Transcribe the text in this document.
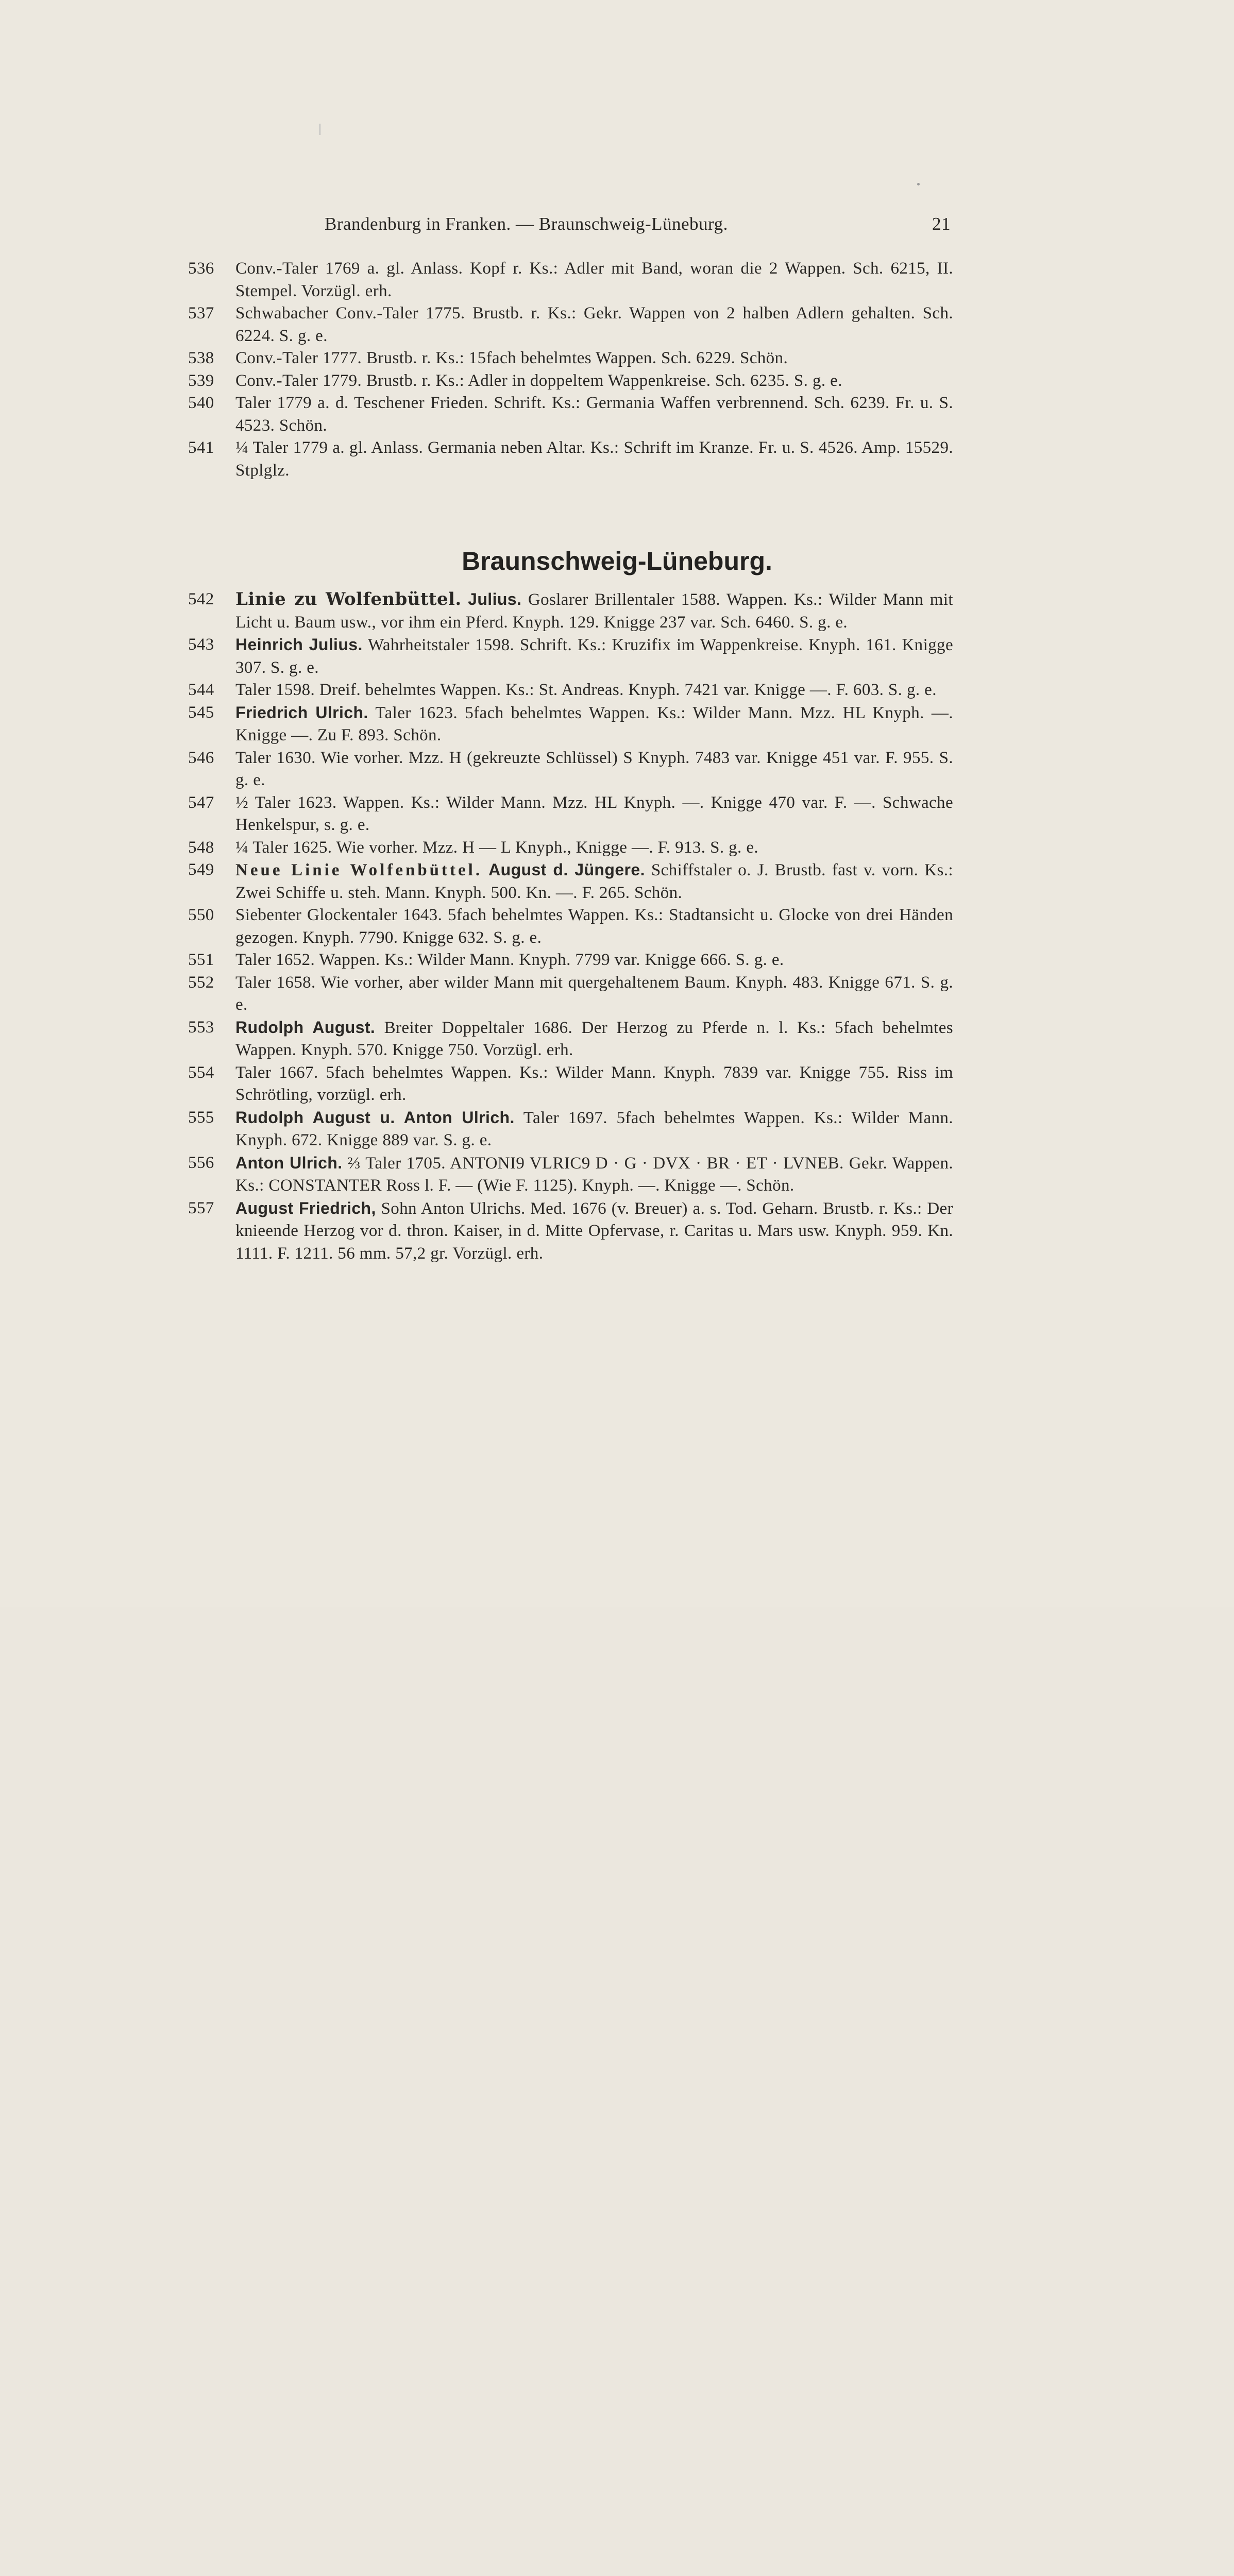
Brandenburg in Franken. — Braunschweig-Lüneburg.	21
536 Conv.-Taler 1769 a. gl. Anlass. Kopf r. Ks.: Adler mit Band, woran die 2 Wappen. Sch. 6215, II. Stempel. Vorzügl. erh.
537 Schwabacher Conv.-Taler 1775. Brustb. r. Ks.: Gekr. Wappen von 2 halben Adlern gehalten. Sch. 6224. S. g. e.
538 Conv.-Taler 1777. Brustb. r. Ks.: 15fach behelmtes Wappen. Sch. 6229. Schön.
539 Conv.-Taler 1779. Brustb. r. Ks.: Adler in doppeltem Wappenkreise. Sch. 6235. S. g. e.
540 Taler 1779 a. d. Teschener Frieden. Schrift. Ks.: Germania Waffen verbrennend. Sch. 6239. Fr. u. S. 4523. Schön.
541 ¼ Taler 1779 a. gl. Anlass. Germania neben Altar. Ks.: Schrift im Kranze. Fr. u. S. 4526. Amp. 15529. Stplglz.
Braunschweig-Lüneburg.
542 Linie zu Wolfenbüttel. Julius. Goslarer Brillentaler 1588. Wappen. Ks.: Wilder Mann mit Licht u. Baum usw., vor ihm ein Pferd. Knyph. 129. Knigge 237 var. Sch. 6460. S. g. e.
543 Heinrich Julius. Wahrheitstaler 1598. Schrift. Ks.: Kruzifix im Wappenkreise. Knyph. 161. Knigge 307. S. g. e.
544 Taler 1598. Dreif. behelmtes Wappen. Ks.: St. Andreas. Knyph. 7421 var. Knigge —. F. 603. S. g. e.
545 Friedrich Ulrich. Taler 1623. 5fach behelmtes Wappen. Ks.: Wilder Mann. Mzz. HL Knyph. —. Knigge —. Zu F. 893. Schön.
546 Taler 1630. Wie vorher. Mzz. H (gekreuzte Schlüssel) S Knyph. 7483 var. Knigge 451 var. F. 955. S. g. e.
547 ½ Taler 1623. Wappen. Ks.: Wilder Mann. Mzz. HL Knyph. —. Knigge 470 var. F. —. Schwache Henkelspur, s. g. e.
548 ¼ Taler 1625. Wie vorher. Mzz. H — L Knyph., Knigge —. F. 913. S. g. e.
549 Neue Linie Wolfenbüttel. August d. Jüngere. Schiffstaler o. J. Brustb. fast v. vorn. Ks.: Zwei Schiffe u. steh. Mann. Knyph. 500. Kn. —. F. 265. Schön.
550 Siebenter Glockentaler 1643. 5fach behelmtes Wappen. Ks.: Stadtansicht u. Glocke von drei Händen gezogen. Knyph. 7790. Knigge 632. S. g. e.
551 Taler 1652. Wappen. Ks.: Wilder Mann. Knyph. 7799 var. Knigge 666. S. g. e.
552 Taler 1658. Wie vorher, aber wilder Mann mit quergehaltenem Baum. Knyph. 483. Knigge 671. S. g. e.
553 Rudolph August. Breiter Doppeltaler 1686. Der Herzog zu Pferde n. l. Ks.: 5fach behelmtes Wappen. Knyph. 570. Knigge 750. Vorzügl. erh.
554 Taler 1667. 5fach behelmtes Wappen. Ks.: Wilder Mann. Knyph. 7839 var. Knigge 755. Riss im Schrötling, vorzügl. erh.
555 Rudolph August u. Anton Ulrich. Taler 1697. 5fach behelmtes Wappen. Ks.: Wilder Mann. Knyph. 672. Knigge 889 var. S. g. e.
556 Anton Ulrich. ⅔ Taler 1705. ANTONI9 VLRIC9 D · G · DVX · BR · ET · LVNEB. Gekr. Wappen. Ks.: CONSTANTER Ross l. F. — (Wie F. 1125). Knyph. —. Knigge —. Schön.
557 August Friedrich, Sohn Anton Ulrichs. Med. 1676 (v. Breuer) a. s. Tod. Geharn. Brustb. r. Ks.: Der knieende Herzog vor d. thron. Kaiser, in d. Mitte Opfervase, r. Caritas u. Mars usw. Knyph. 959. Kn. 1111. F. 1211. 56 mm. 57,2 gr. Vorzügl. erh.
